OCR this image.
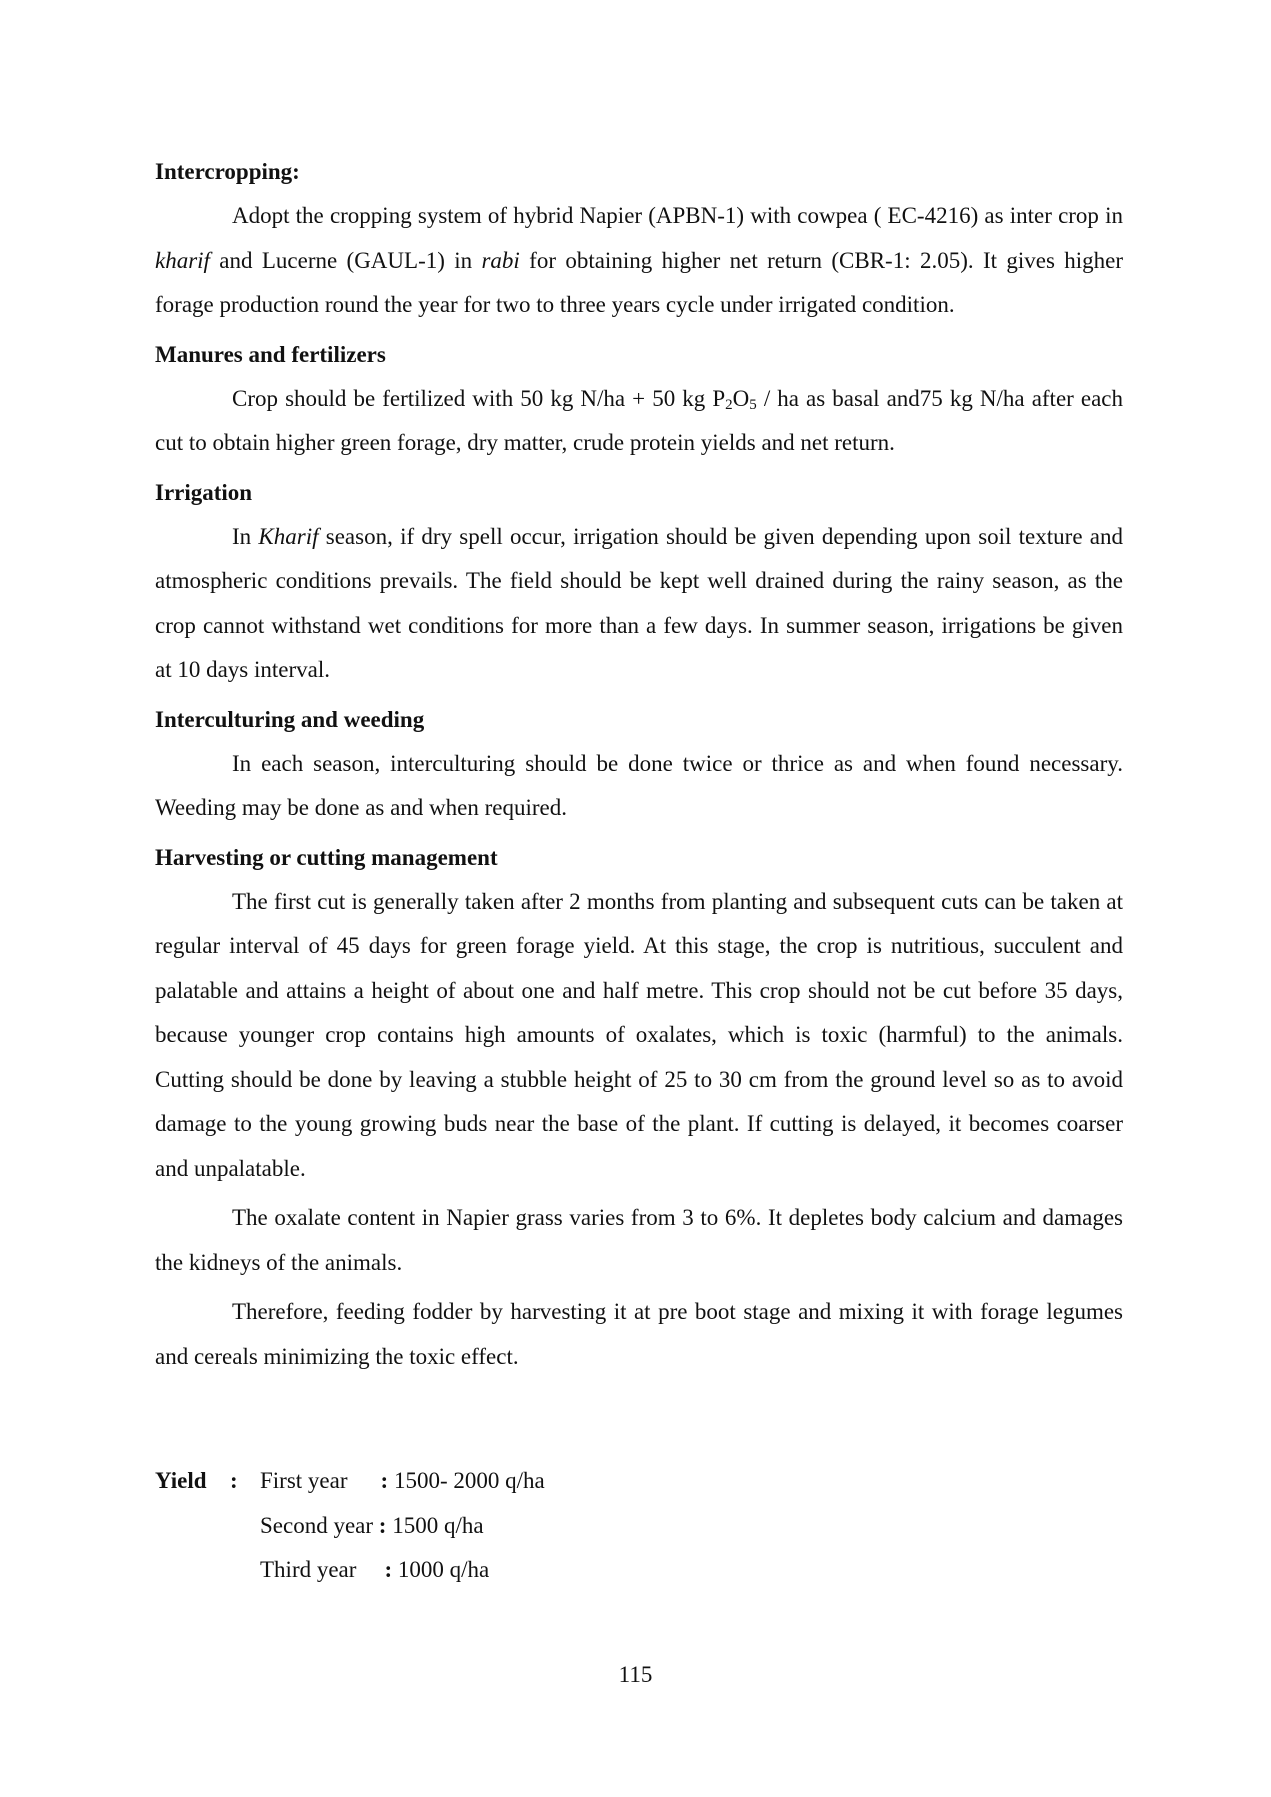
Intercropping:

Adopt the cropping system of hybrid Napier (APBN-1) with cowpea ( EC-4216) as inter crop in kharif and Lucerne (GAUL-1) in rabi for obtaining higher net return (CBR-1: 2.05). It gives higher forage production round the year for two to three years cycle under irrigated condition.

Manures and fertilizers

Crop should be fertilized with 50 kg N/ha + 50 kg $P_2O_5$ / ha as basal and75 kg N/ha after each cut to obtain higher green forage, dry matter, crude protein yields and net return.

Irrigation

In Kharif season, if dry spell occur, irrigation should be given depending upon soil texture and atmospheric conditions prevails. The field should be kept well drained during the rainy season, as the crop cannot withstand wet conditions for more than a few days. In summer season, irrigations be given at 10 days interval.

Interculturing and weeding

In each season, interculturing should be done twice or thrice as and when found necessary. Weeding may be done as and when required.

Harvesting or cutting management

The first cut is generally taken after 2 months from planting and subsequent cuts can be taken at regular interval of 45 days for green forage yield. At this stage, the crop is nutritious, succulent and palatable and attains a height of about one and half metre. This crop should not be cut before 35 days, because younger crop contains high amounts of oxalates, which is toxic (harmful) to the animals. Cutting should be done by leaving a stubble height of 25 to 30 cm from the ground level so as to avoid damage to the young growing buds near the base of the plant. If cutting is delayed, it becomes coarser and unpalatable.

The oxalate content in Napier grass varies from 3 to 6%. It depletes body calcium and damages the kidneys of the animals.

Therefore, feeding fodder by harvesting it at pre boot stage and mixing it with forage legumes and cereals minimizing the toxic effect.

Yield : First year : 1500- 2000 q/ha
Second year : 1500 q/ha
Third year : 1000 q/ha
115
